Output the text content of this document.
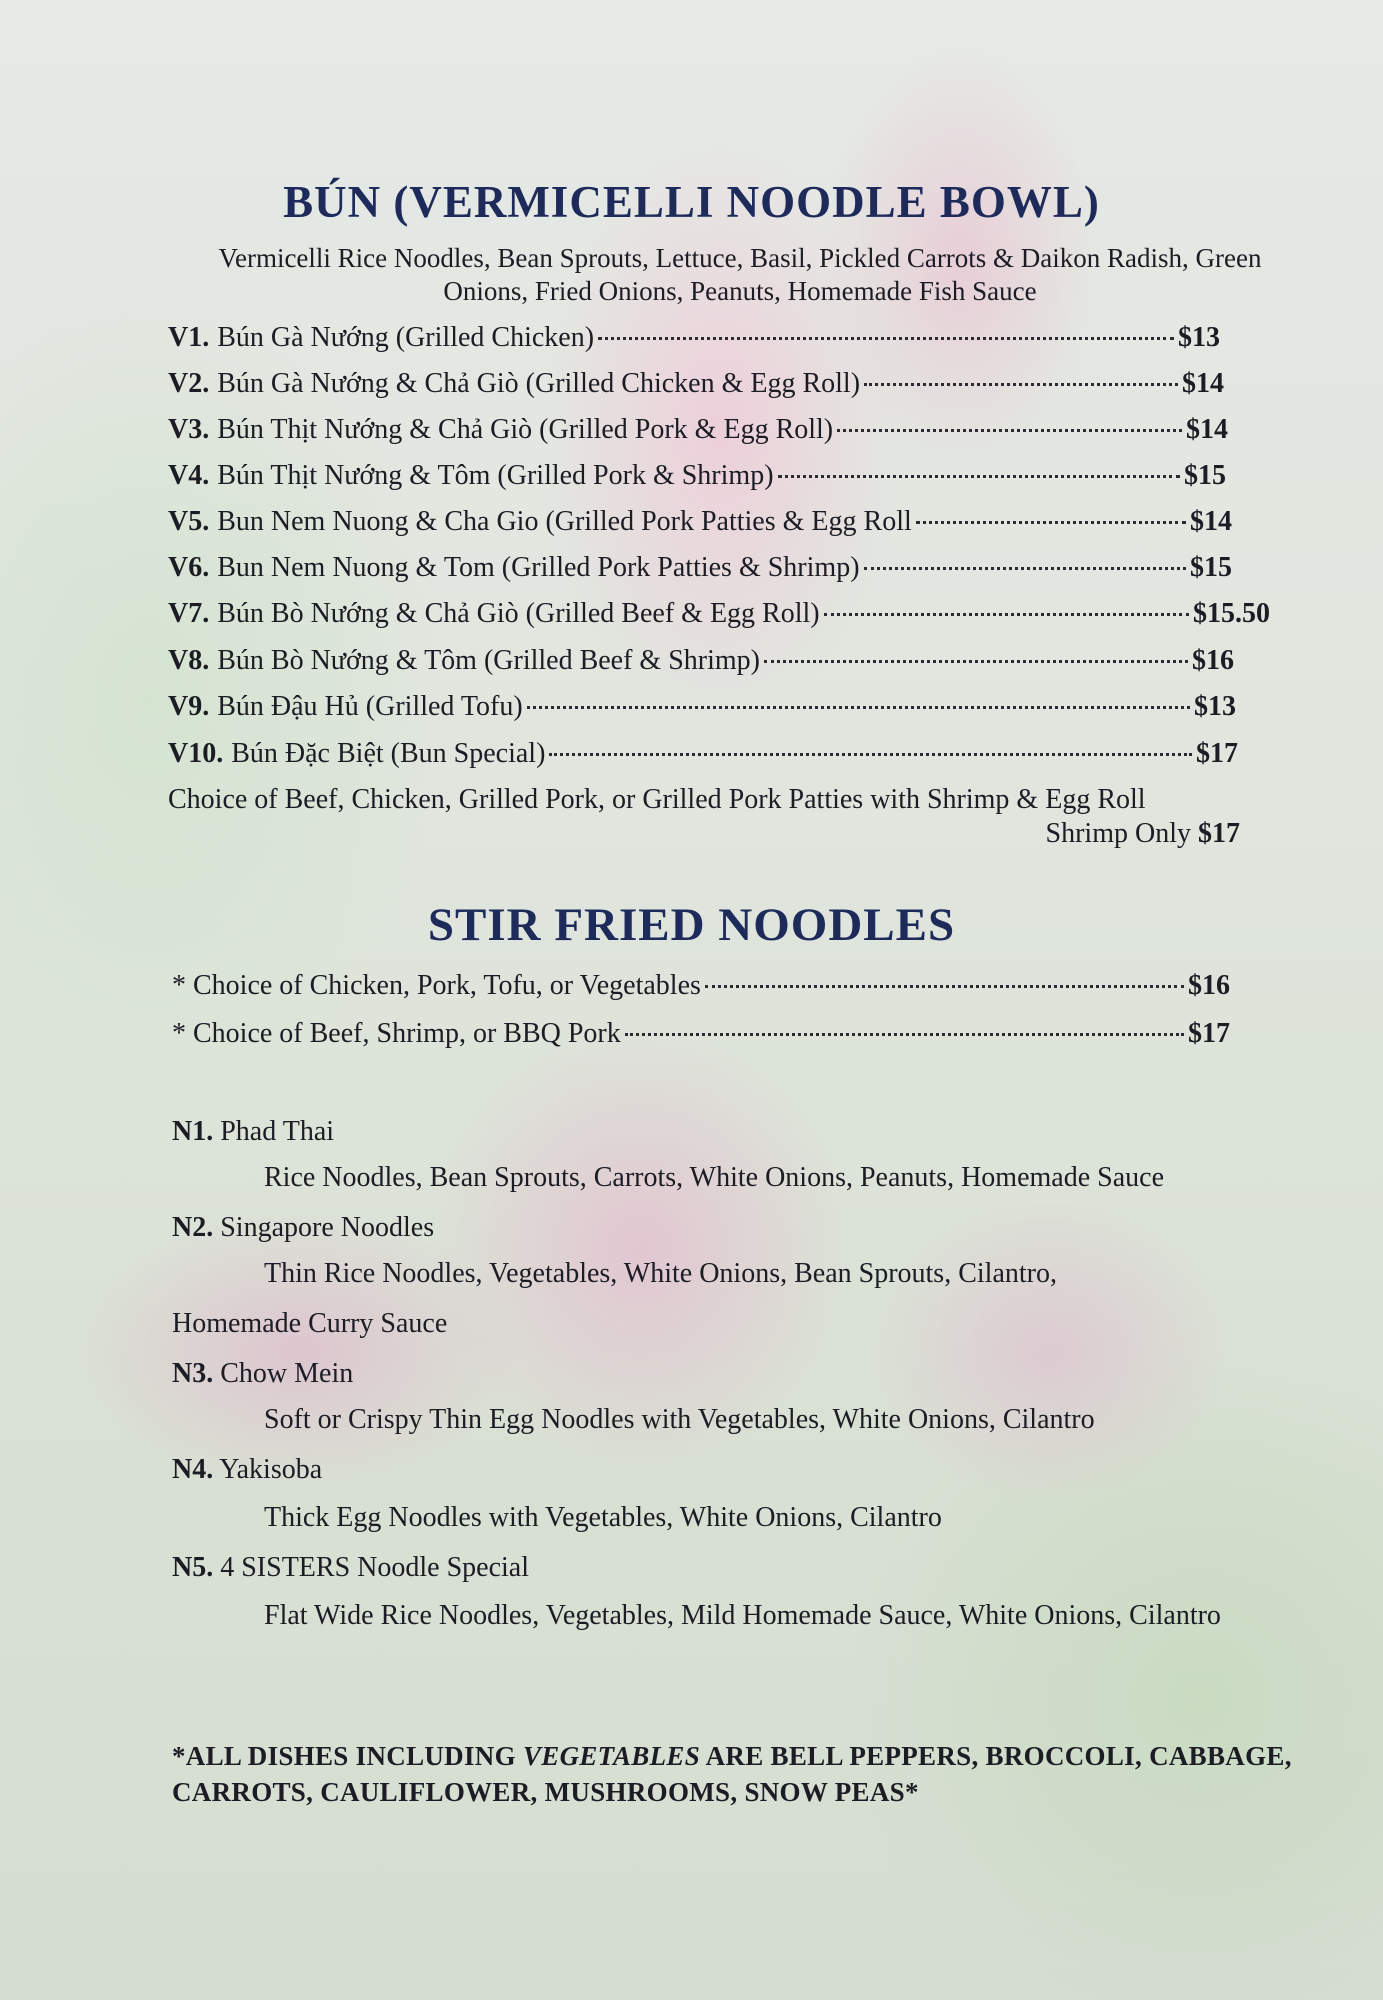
BÚN (VERMICELLI NOODLE BOWL)
Vermicelli Rice Noodles, Bean Sprouts, Lettuce, Basil, Pickled Carrots & Daikon Radish, Green
Onions, Fried Onions, Peanuts, Homemade Fish Sauce
V1. Bún Gà Nướng (Grilled Chicken)	$13
V2. Bún Gà Nướng & Chả Giò (Grilled Chicken & Egg Roll)	$14
V3. Bún Thịt Nướng & Chả Giò (Grilled Pork & Egg Roll)	$14
V4. Bún Thịt Nướng & Tôm (Grilled Pork & Shrimp)	$15
V5. Bun Nem Nuong & Cha Gio (Grilled Pork Patties & Egg Roll	$14
V6. Bun Nem Nuong & Tom (Grilled Pork Patties & Shrimp)	$15
V7. Bún Bò Nướng & Chả Giò (Grilled Beef & Egg Roll)	$15.50
V8. Bún Bò Nướng & Tôm (Grilled Beef & Shrimp)	$16
V9. Bún Đậu Hủ (Grilled Tofu)	$13
V10. Bún Đặc Biệt (Bun Special)	$17
Choice of Beef, Chicken, Grilled Pork, or Grilled Pork Patties with Shrimp & Egg Roll
Shrimp Only $17
STIR FRIED NOODLES
* Choice of Chicken, Pork, Tofu, or Vegetables	$16
* Choice of Beef, Shrimp, or BBQ Pork	$17
N1. Phad Thai
Rice Noodles, Bean Sprouts, Carrots, White Onions, Peanuts, Homemade Sauce
N2. Singapore Noodles
Thin Rice Noodles, Vegetables, White Onions, Bean Sprouts, Cilantro,
Homemade Curry Sauce
N3. Chow Mein
Soft or Crispy Thin Egg Noodles with Vegetables, White Onions, Cilantro
N4. Yakisoba
Thick Egg Noodles with Vegetables, White Onions, Cilantro
N5. 4 SISTERS Noodle Special
Flat Wide Rice Noodles, Vegetables, Mild Homemade Sauce, White Onions, Cilantro
*ALL DISHES INCLUDING VEGETABLES ARE BELL PEPPERS, BROCCOLI, CABBAGE,
CARROTS, CAULIFLOWER, MUSHROOMS, SNOW PEAS*
